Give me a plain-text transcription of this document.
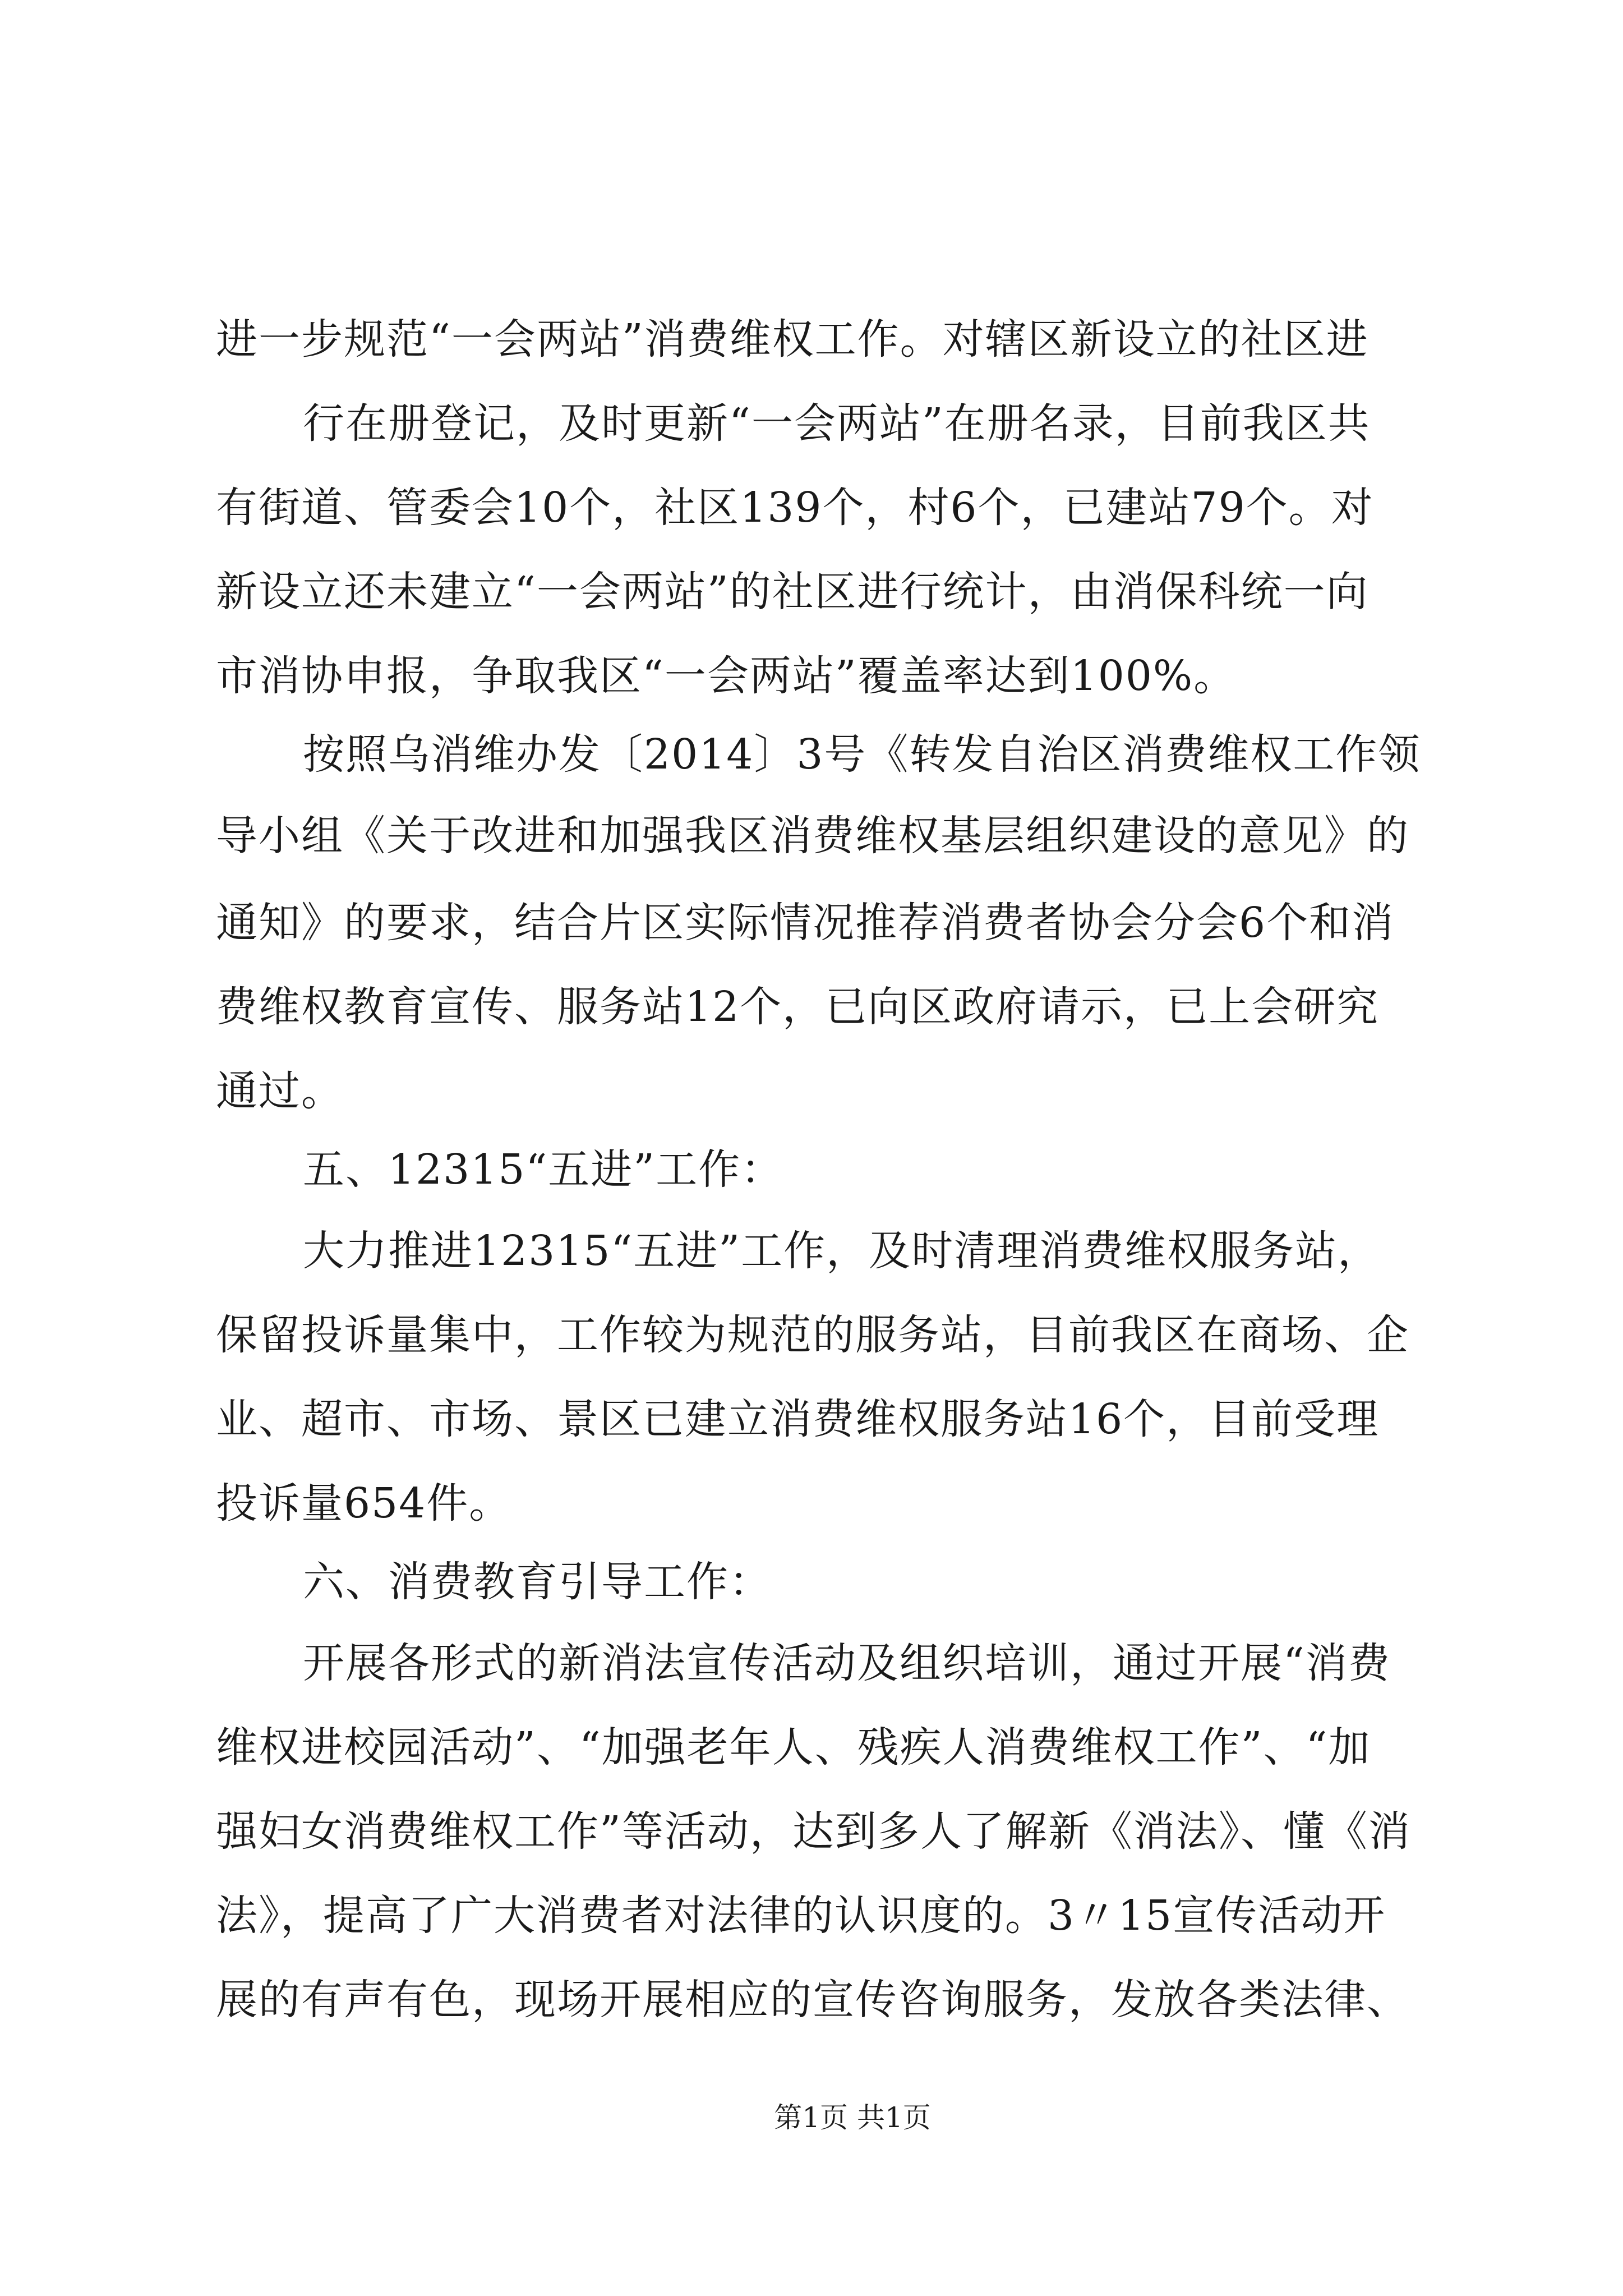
进一步规范“一会两站”消费维权工作。对辖区新设立的社区进
行在册登记，及时更新“一会两站”在册名录，目前我区共
有街道、管委会10个，社区139个，村6个，已建站79个。对
新设立还未建立“一会两站”的社区进行统计，由消保科统一向
市消协申报，争取我区“一会两站”覆盖率达到100%。
按照乌消维办发〔2014〕3号《转发自治区消费维权工作领
导小组《关于改进和加强我区消费维权基层组织建设的意见》的
通知》的要求，结合片区实际情况推荐消费者协会分会6个和消
费维权教育宣传、服务站12个，已向区政府请示，已上会研究
通过。
五、12315“五进”工作：
大力推进12315“五进”工作，及时清理消费维权服务站，
保留投诉量集中，工作较为规范的服务站，目前我区在商场、企
业、超市、市场、景区已建立消费维权服务站16个，目前受理
投诉量654件。
六、消费教育引导工作：
开展各形式的新消法宣传活动及组织培训，通过开展“消费
维权进校园活动”、“加强老年人、残疾人消费维权工作”、“加
强妇女消费维权工作”等活动，达到多人了解新《消法》、懂《消
法》，提高了广大消费者对法律的认识度的。3〃15宣传活动开
展的有声有色，现场开展相应的宣传咨询服务，发放各类法律、
第1页 共1页
